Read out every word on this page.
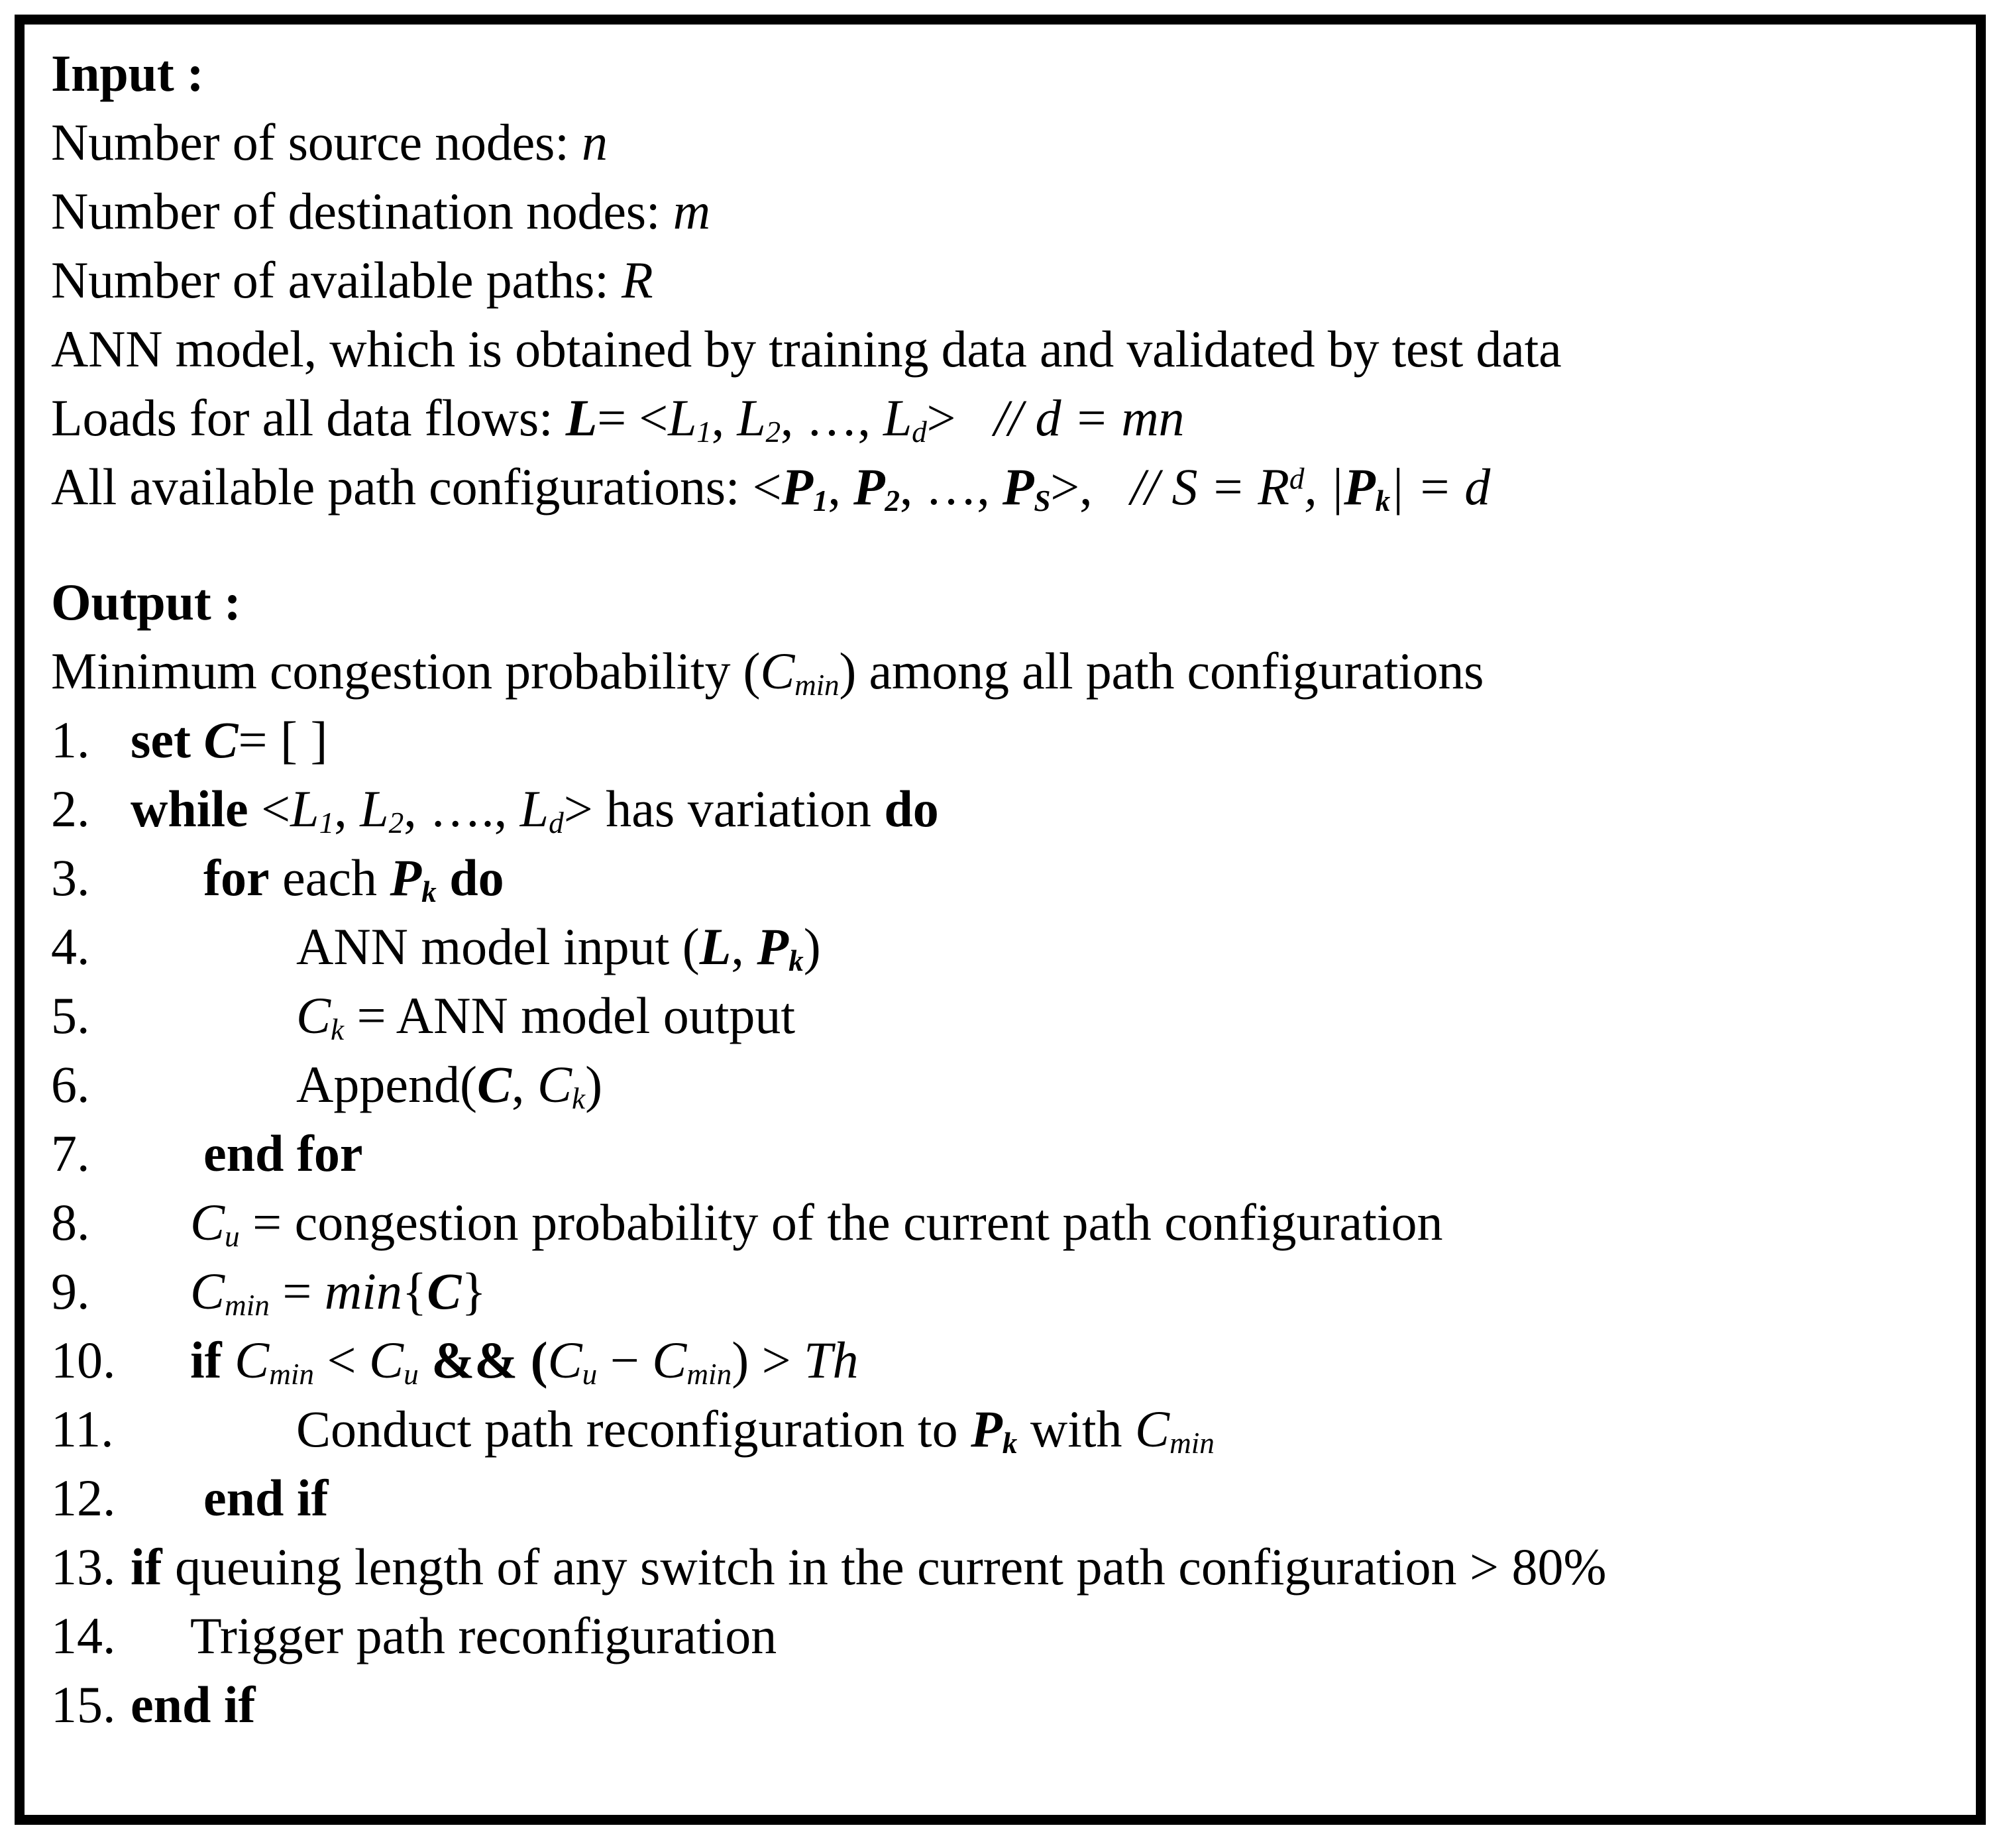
Input :
Number of source nodes: n
Number of destination nodes: m
Number of available paths: R
ANN model, which is obtained by training data and validated by test data
Loads for all data flows: $L= <L_1$, $L_2$, …, $L_d> // d$ = mn
All available path configurations: $<P_1$, $P_2$, …, $P_S>$, // $S = R^d$, $|P_k| = d$
Output :
Minimum congestion probability $(C_{min})$ among all path configurations
1. set C= [ ]
2. while $<L_1$, $L_2$, …., $L_d>$ has variation do
3.	for each $P_k$ do
4.	ANN model input (L, $P_k$)
5.	$C_k$ = ANN model output
6.	Append(C, $C_k$)
7.	end for
8.	$C_u$ = congestion probability of the current path configuration
9.	$C_{min} = \min\{C\}$
10.	if $C_{min} < C_u$ && $(C_u - C_{min}) > Th$
11.	Conduct path reconfiguration to $P_k$ with $C_{min}$
12.	end if
13. if queuing length of any switch in the current path configuration > 80%
14.	Trigger path reconfiguration
15. end if
